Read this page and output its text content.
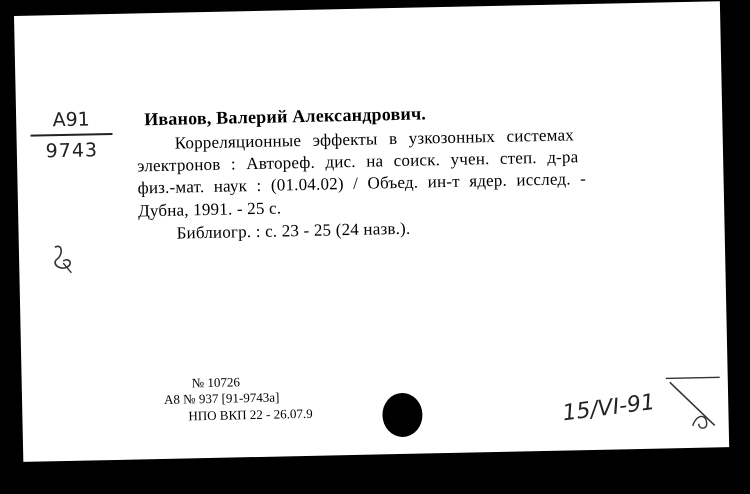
A91
9743
Иванов, Валерий Александрович.
Корреляционные эффекты в узкозонных системах
электронов : Автореф. дис. на соиск. учен. степ. д-ра
физ.-мат. наук : (01.04.02) / Объед. ин-т ядер. исслед. -
Дубна, 1991. - 25 с.
Библиогр. : с. 23 - 25 (24 назв.).
№ 10726
А8 № 937 [91-9743а]
НПО ВКП 22 - 26.07.9	15/VI-91
